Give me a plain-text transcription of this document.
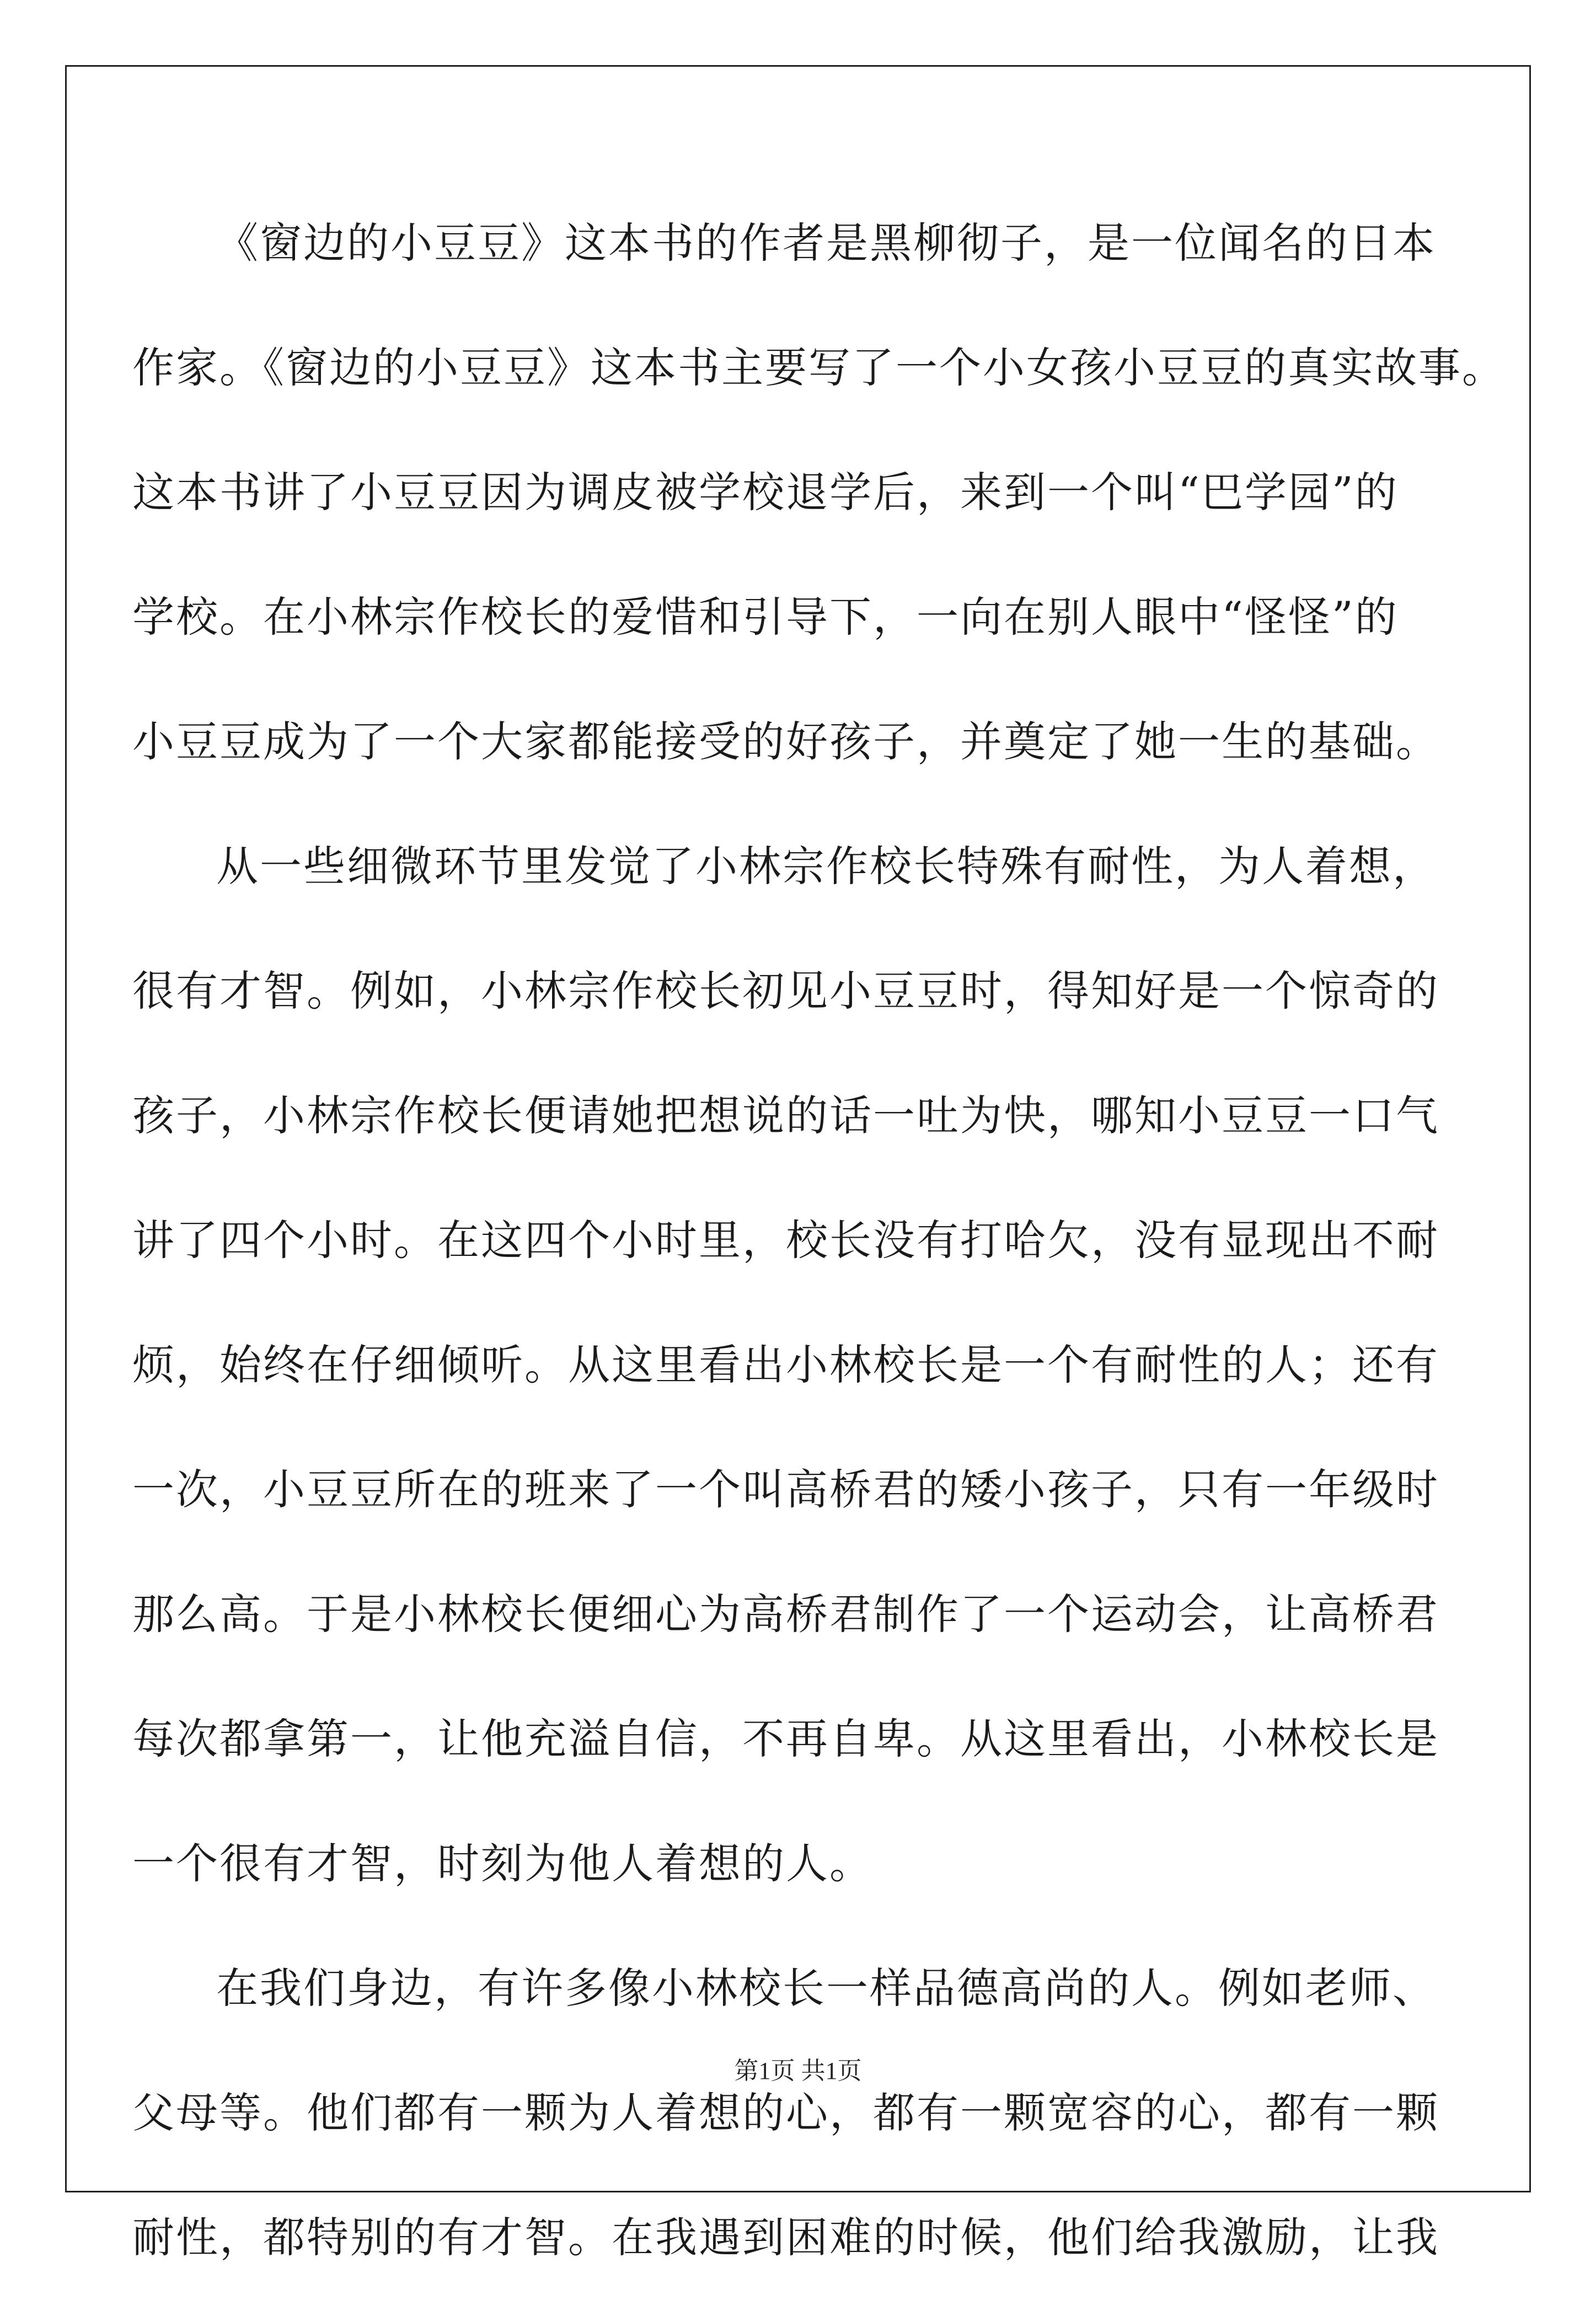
《窗边的小豆豆》这本书的作者是黑柳彻子，是一位闻名的日本
作家。《窗边的小豆豆》这本书主要写了一个小女孩小豆豆的真实故事。
这本书讲了小豆豆因为调皮被学校退学后，来到一个叫“巴学园”的
学校。在小林宗作校长的爱惜和引导下，一向在别人眼中“怪怪”的
小豆豆成为了一个大家都能接受的好孩子，并奠定了她一生的基础。
从一些细微环节里发觉了小林宗作校长特殊有耐性，为人着想，
很有才智。例如，小林宗作校长初见小豆豆时，得知好是一个惊奇的
孩子，小林宗作校长便请她把想说的话一吐为快，哪知小豆豆一口气
讲了四个小时。在这四个小时里，校长没有打哈欠，没有显现出不耐
烦，始终在仔细倾听。从这里看出小林校长是一个有耐性的人；还有
一次，小豆豆所在的班来了一个叫高桥君的矮小孩子，只有一年级时
那么高。于是小林校长便细心为高桥君制作了一个运动会，让高桥君
每次都拿第一，让他充溢自信，不再自卑。从这里看出，小林校长是
一个很有才智，时刻为他人着想的人。
在我们身边，有许多像小林校长一样品德高尚的人。例如老师、
父母等。他们都有一颗为人着想的心，都有一颗宽容的心，都有一颗
耐性，都特别的有才智。在我遇到困难的时候，他们给我激励，让我
第1页 共1页
